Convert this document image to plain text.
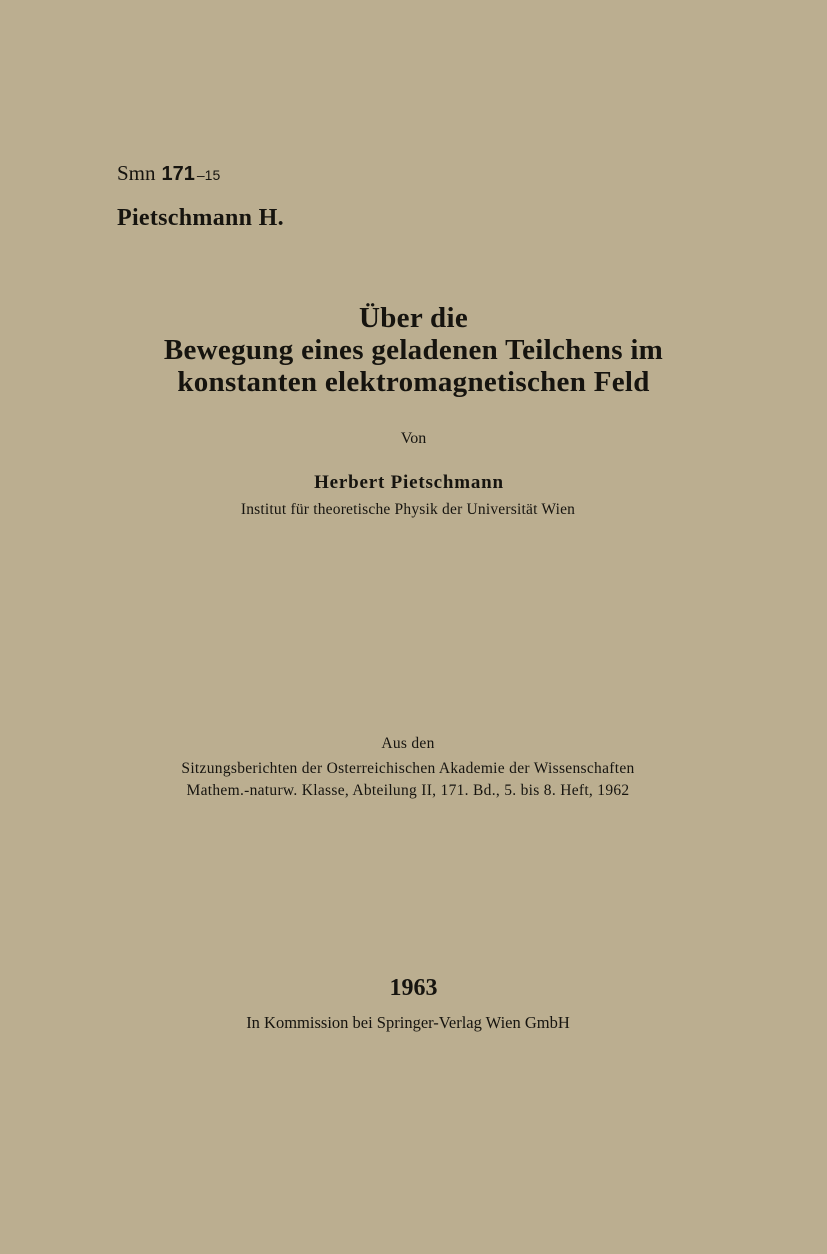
Smn 171 –15
Pietschmann H.
Über die
Bewegung eines geladenen Teilchens im
konstanten elektromagnetischen Feld
Von
Herbert Pietschmann
Institut für theoretische Physik der Universität Wien
Aus den
Sitzungsberichten der Osterreichischen Akademie der Wissenschaften
Mathem.-naturw. Klasse, Abteilung II, 171. Bd., 5. bis 8. Heft, 1962
1963
In Kommission bei Springer-Verlag Wien GmbH
